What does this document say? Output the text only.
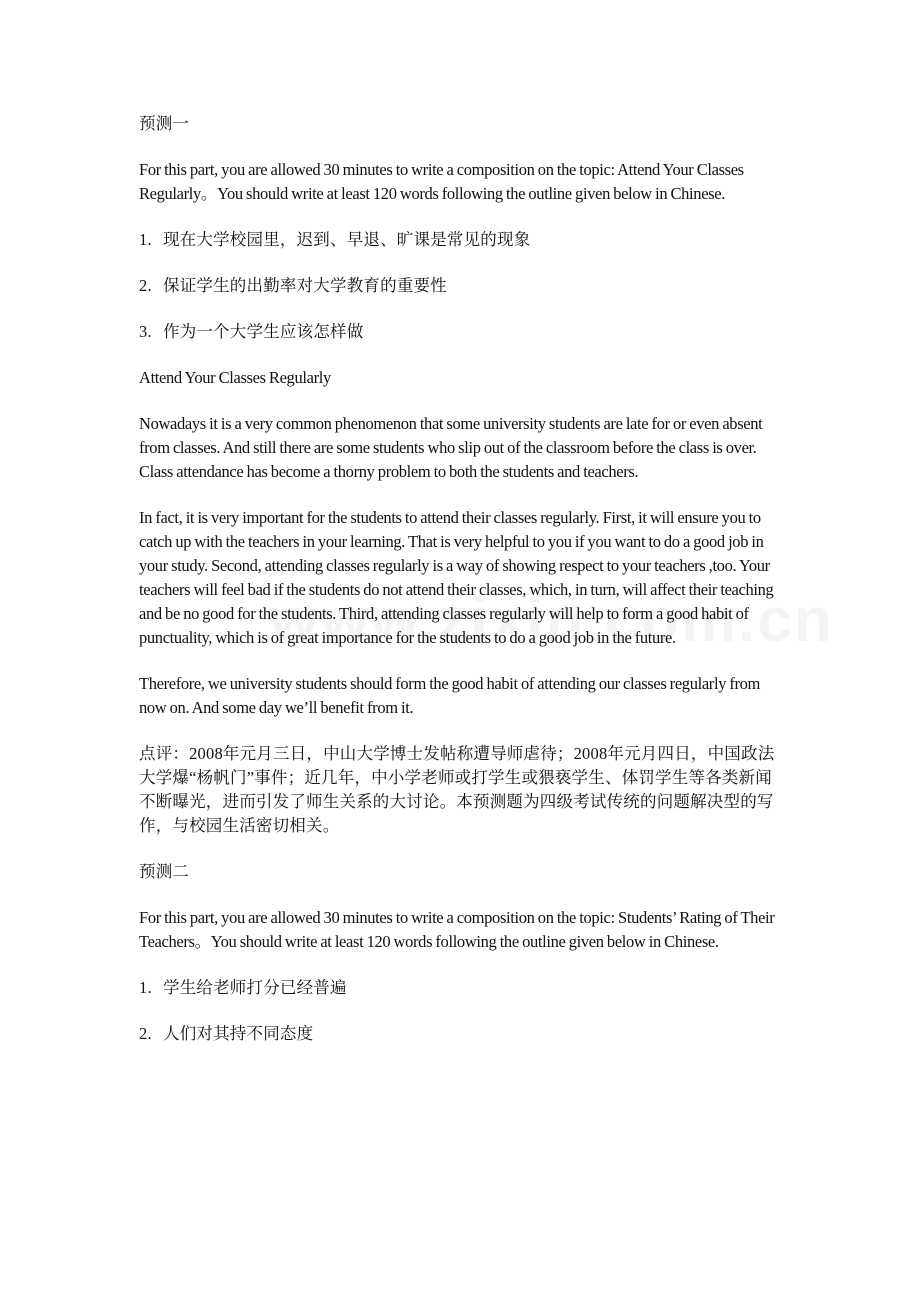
预测一

For this part, you are allowed 30 minutes to write a composition on the topic: Attend Your Classes Regularly。You should write at least 120 words following the outline given below in Chinese.

1. 现在大学校园里，迟到、早退、旷课是常见的现象
2. 保证学生的出勤率对大学教育的重要性
3. 作为一个大学生应该怎样做

Attend Your Classes Regularly

Nowadays it is a very common phenomenon that some university students are late for or even absent from classes. And still there are some students who slip out of the classroom before the class is over. Class attendance has become a thorny problem to both the students and teachers.

In fact, it is very important for the students to attend their classes regularly. First, it will ensure you to catch up with the teachers in your learning. That is very helpful to you if you want to do a good job in your study. Second, attending classes regularly is a way of showing respect to your teachers ,too. Your teachers will feel bad if the students do not attend their classes, which, in turn, will affect their teaching and be no good for the students. Third, attending classes regularly will help to form a good habit of punctuality, which is of great importance for the students to do a good job in the future.

Therefore, we university students should form the good habit of attending our classes regularly from now on. And some day we’ll benefit from it.

点评：2008年元月三日，中山大学博士发帖称遭导师虐待；2008年元月四日，中国政法大学爆“杨帆门”事件；近几年，中小学老师或打学生或猥亵学生、体罚学生等各类新闻不断曝光，进而引发了师生关系的大讨论。本预测题为四级考试传统的问题解决型的写作，与校园生活密切相关。

预测二

For this part, you are allowed 30 minutes to write a composition on the topic: Students’ Rating of Their Teachers。You should write at least 120 words following the outline given below in Chinese.

1. 学生给老师打分已经普遍
2. 人们对其持不同态度
